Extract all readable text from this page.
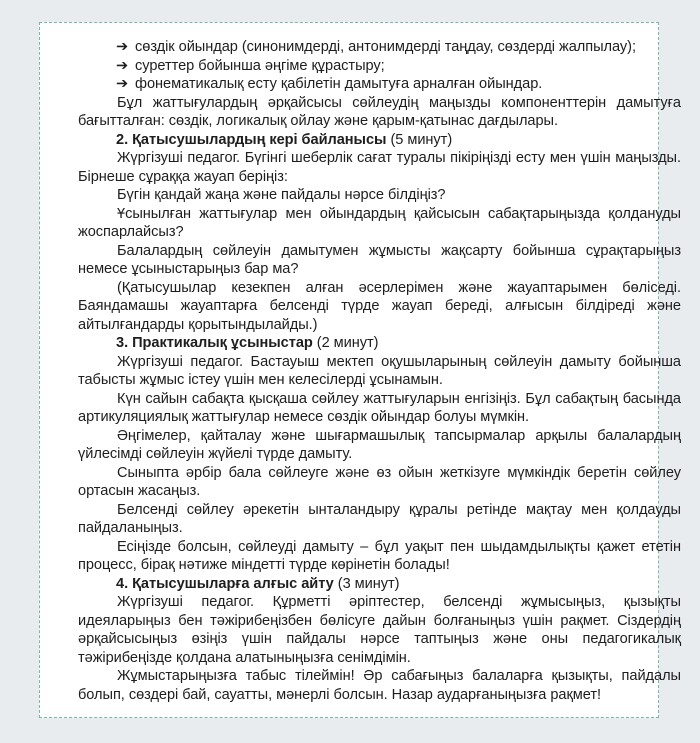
➔ сөздік ойындар (синонимдерді, антонимдерді таңдау, сөздерді жалпылау);

➔ суреттер бойынша әңгіме құрастыру;

➔ фонематикалық есту қабілетін дамытуға арналған ойындар.

Бұл жаттығулардың әрқайсысы сөйлеудің маңызды компоненттерін дамытуға бағытталған: сөздік, логикалық ойлау және қарым-қатынас дағдылары.

2. Қатысушылардың кері байланысы (5 минут)

Жүргізуші педагог. Бүгінгі шеберлік сағат туралы пікіріңізді есту мен үшін маңызды. Бірнеше сұраққа жауап беріңіз:

Бүгін қандай жаңа және пайдалы нәрсе білдіңіз?

Ұсынылған жаттығулар мен ойындардың қайсысын сабақтарыңызда қолдануды жоспарлайсыз?

Балалардың сөйлеуін дамытумен жұмысты жақсарту бойынша сұрақтарыңыз немесе ұсыныстарыңыз бар ма?

(Қатысушылар кезекпен алған әсерлерімен және жауаптарымен бөліседі. Баяндамашы жауаптарға белсенді түрде жауап береді, алғысын білдіреді және айтылғандарды қорытындылайды.)

3. Практикалық ұсыныстар (2 минут)

Жүргізуші педагог. Бастауыш мектеп оқушыларының сөйлеуін дамыту бойынша табысты жұмыс істеу үшін мен келесілерді ұсынамын.

Күн сайын сабақта қысқаша сөйлеу жаттығуларын енгізіңіз. Бұл сабақтың басында артикуляциялық жаттығулар немесе сөздік ойындар болуы мүмкін.

Әңгімелер, қайталау және шығармашылық тапсырмалар арқылы балалардың үйлесімді сөйлеуін жүйелі түрде дамыту.

Сыныпта әрбір бала сөйлеуге және өз ойын жеткізуге мүмкіндік беретін сөйлеу ортасын жасаңыз.

Белсенді сөйлеу әрекетін ынталандыру құралы ретінде мақтау мен қолдауды пайдаланыңыз.

Есіңізде болсын, сөйлеуді дамыту – бұл уақыт пен шыдамдылықты қажет ететін процесс, бірақ нәтиже міндетті түрде көрінетін болады!

4. Қатысушыларға алғыс айту (3 минут)

Жүргізуші педагог. Құрметті әріптестер, белсенді жұмысыңыз, қызықты идеяларыңыз бен тәжірибеңізбен бөлісуге дайын болғаныңыз үшін рақмет. Сіздердің әрқайсысыңыз өзіңіз үшін пайдалы нәрсе таптыңыз және оны педагогикалық тәжірибеңізде қолдана алатыныңызға сенімдімін.

Жұмыстарыңызға табыс тілеймін! Әр сабағыңыз балаларға қызықты, пайдалы болып, сөздері бай, сауатты, мәнерлі болсын. Назар аударғаныңызға рақмет!
